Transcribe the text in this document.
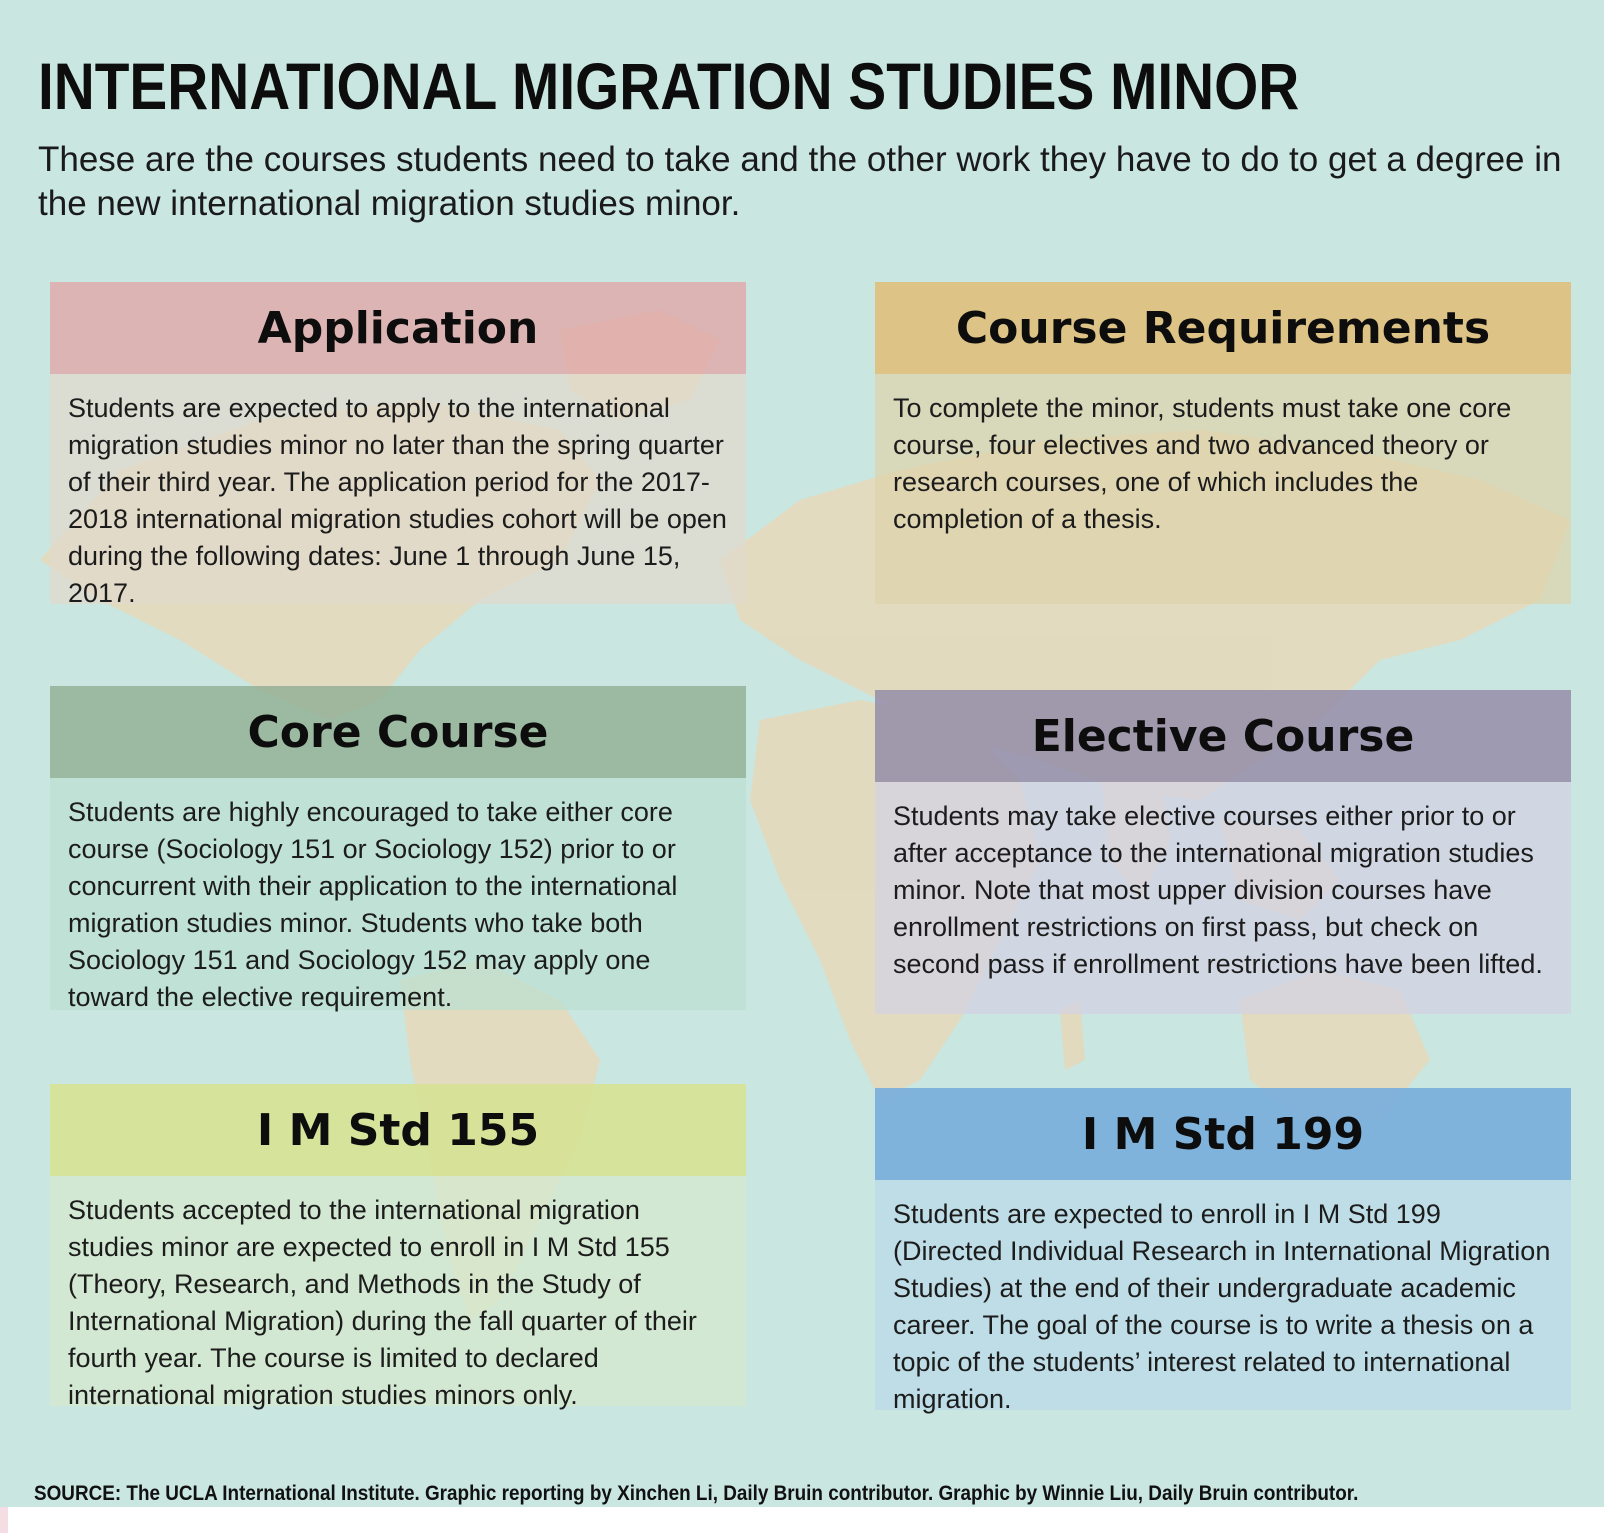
INTERNATIONAL MIGRATION STUDIES MINOR
These are the courses students need to take and the other work they have to do to get a degree in the new international migration studies minor.
Application
Students are expected to apply to the international migration studies minor no later than the spring quarter of their third year. The application period for the 2017-2018 international migration studies cohort will be open during the following dates: June 1 through June 15, 2017.
Course Requirements
To complete the minor, students must take one core course, four electives and two advanced theory or research courses, one of which includes the completion of a thesis.
Core Course
Students are highly encouraged to take either core course (Sociology 151 or Sociology 152) prior to or concurrent with their application to the international migration studies minor. Students who take both Sociology 151 and Sociology 152 may apply one toward the elective requirement.
Elective Course
Students may take elective courses either prior to or after acceptance to the international migration studies minor. Note that most upper division courses have enrollment restrictions on first pass, but check on second pass if enrollment restrictions have been lifted.
I M Std 155
Students accepted to the international migration studies minor are expected to enroll in I M Std 155 (Theory, Research, and Methods in the Study of International Migration) during the fall quarter of their fourth year. The course is limited to declared international migration studies minors only.
I M Std 199
Students are expected to enroll in I M Std 199 (Directed Individual Research in International Migration Studies) at the end of their undergraduate academic career. The goal of the course is to write a thesis on a topic of the students’ interest related to international migration.
SOURCE: The UCLA International Institute. Graphic reporting by Xinchen Li, Daily Bruin contributor. Graphic by Winnie Liu, Daily Bruin contributor.
